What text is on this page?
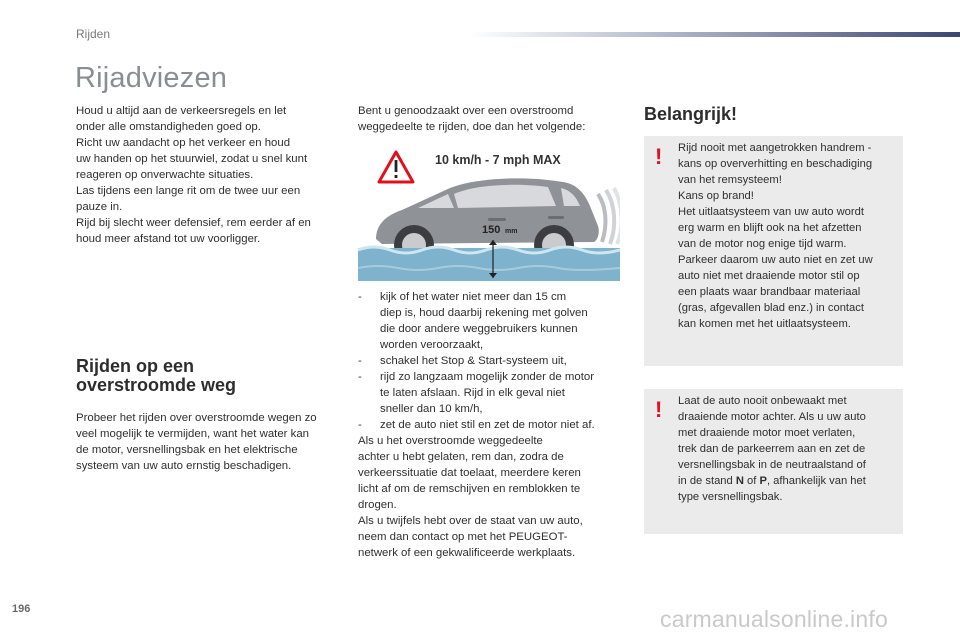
Rijden
Rijadviezen

Houd u altijd aan de verkeersregels en let

onder alle omstandigheden goed op.

Richt uw aandacht op het verkeer en houd

uw handen op het stuurwiel, zodat u snel kunt

reageren op onverwachte situaties.

Las tijdens een lange rit om de twee uur een

pauze in.

Rijd bij slecht weer defensief, rem eerder af en

houd meer afstand tot uw voorligger.

Rijden op een
overstroomde weg

Probeer het rijden over overstroomde wegen zo

veel mogelijk te vermijden, want het water kan

de motor, versnellingsbak en het elektrische

systeem van uw auto ernstig beschadigen.

Bent u genoodzaakt over een overstroomd

weggedeelte te rijden, doe dan het volgende:

10 km/h - 7 mph MAX
150 mm
-	kijk of het water niet meer dan 15 cm
diep is, houd daarbij rekening met golven
die door andere weggebruikers kunnen
worden veroorzaakt,
-	schakel het Stop & Start-systeem uit,
-	rijd zo langzaam mogelijk zonder de motor
te laten afslaan. Rijd in elk geval niet
sneller dan 10 km/h,
-	zet de auto niet stil en zet de motor niet af.
Als u het overstroomde weggedeelte
achter u hebt gelaten, rem dan, zodra de
verkeerssituatie dat toelaat, meerdere keren
licht af om de remschijven en remblokken te
drogen.
Als u twijfels hebt over de staat van uw auto,
neem dan contact op met het PEUGEOT-
netwerk of een gekwalificeerde werkplaats.
Belangrijk!
! Rijd nooit met aangetrokken handrem -
kans op oververhitting en beschadiging
van het remsysteem!
Kans op brand!
Het uitlaatsysteem van uw auto wordt
erg warm en blijft ook na het afzetten
van de motor nog enige tijd warm.
Parkeer daarom uw auto niet en zet uw
auto niet met draaiende motor stil op
een plaats waar brandbaar materiaal
(gras, afgevallen blad enz.) in contact
kan komen met het uitlaatsysteem.
! Laat de auto nooit onbewaakt met
draaiende motor achter. Als u uw auto
met draaiende motor moet verlaten,
trek dan de parkeerrem aan en zet de
versnellingsbak in de neutraalstand of
in de stand N of P, afhankelijk van het
type versnellingsbak.
196	carmanualsonline.info
